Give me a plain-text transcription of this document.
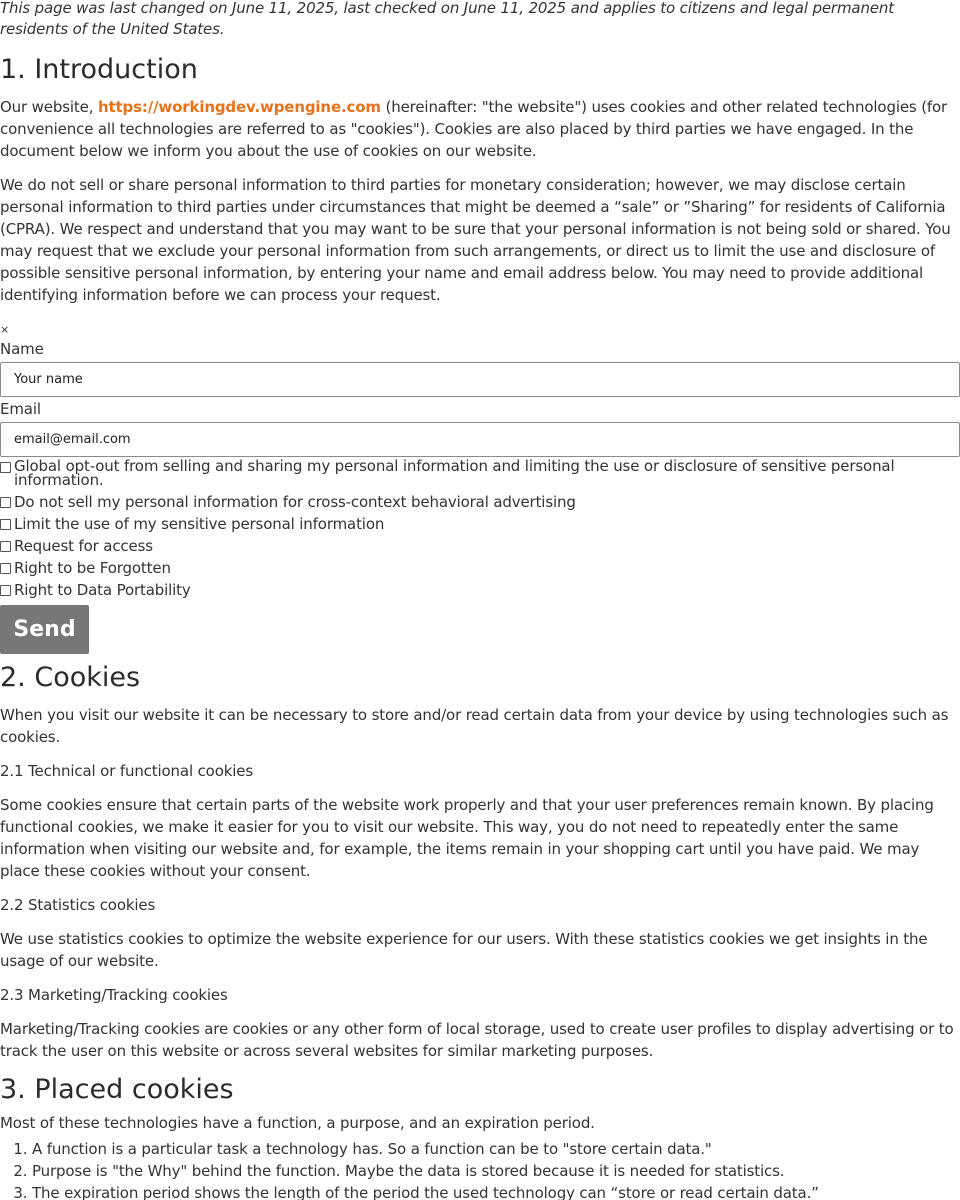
This page was last changed on June 11, 2025, last checked on June 11, 2025 and applies to citizens and legal permanent residents of the United States.

1. Introduction

Our website, https://workingdev.wpengine.com (hereinafter: "the website") uses cookies and other related technologies (for convenience all technologies are referred to as "cookies"). Cookies are also placed by third parties we have engaged. In the document below we inform you about the use of cookies on our website.

We do not sell or share personal information to third parties for monetary consideration; however, we may disclose certain personal information to third parties under circumstances that might be deemed a “sale” or ”Sharing” for residents of California (CPRA). We respect and understand that you may want to be sure that your personal information is not being sold or shared. You may request that we exclude your personal information from such arrangements, or direct us to limit the use and disclosure of possible sensitive personal information, by entering your name and email address below. You may need to provide additional identifying information before we can process your request.

×
Name
Your name
Email
email@email.com
Global opt-out from selling and sharing my personal information and limiting the use or disclosure of sensitive personal information.
Do not sell my personal information for cross-context behavioral advertising
Limit the use of my sensitive personal information
Request for access
Right to be Forgotten
Right to Data Portability
Send
2. Cookies

When you visit our website it can be necessary to store and/or read certain data from your device by using technologies such as cookies.

2.1 Technical or functional cookies

Some cookies ensure that certain parts of the website work properly and that your user preferences remain known. By placing functional cookies, we make it easier for you to visit our website. This way, you do not need to repeatedly enter the same information when visiting our website and, for example, the items remain in your shopping cart until you have paid. We may place these cookies without your consent.

2.2 Statistics cookies

We use statistics cookies to optimize the website experience for our users. With these statistics cookies we get insights in the usage of our website.

2.3 Marketing/Tracking cookies

Marketing/Tracking cookies are cookies or any other form of local storage, used to create user profiles to display advertising or to track the user on this website or across several websites for similar marketing purposes.

3. Placed cookies

Most of these technologies have a function, a purpose, and an expiration period.

1. A function is a particular task a technology has. So a function can be to "store certain data."
2. Purpose is "the Why" behind the function. Maybe the data is stored because it is needed for statistics.
3. The expiration period shows the length of the period the used technology can “store or read certain data.”
